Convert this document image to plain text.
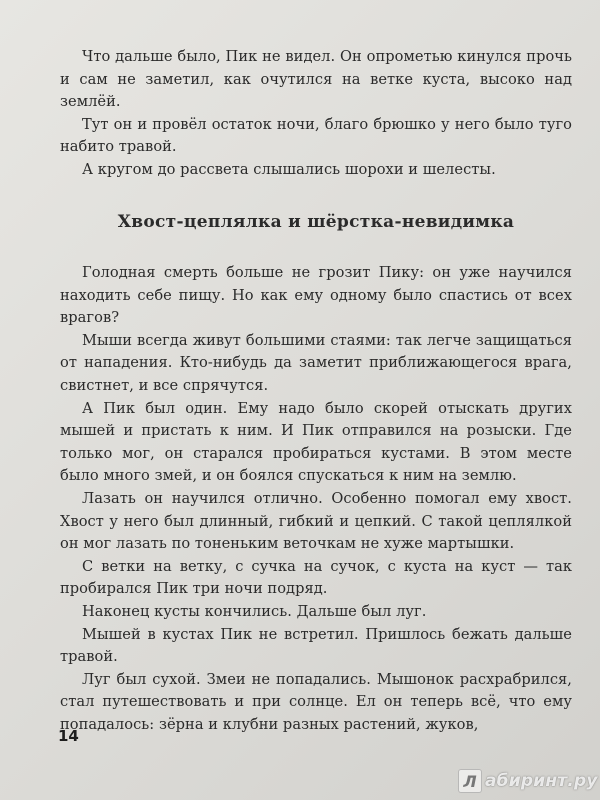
Что дальше было, Пик не видел. Он опрометью кинулся прочь и сам не заметил, как очутился на ветке куста, высоко над землёй.

Тут он и провёл остаток ночи, благо брюшко у него было туго набито травой.

А кругом до рассвета слышались шорохи и шелесты.

Хвост-цеплялка и шёрстка-невидимка

Голодная смерть больше не грозит Пику: он уже научился находить себе пищу. Но как ему одному было спастись от всех врагов?

Мыши всегда живут большими стаями: так легче защищаться от нападения. Кто-нибудь да заметит приближающегося врага, свистнет, и все спрячутся.

А Пик был один. Ему надо было скорей отыскать других мышей и пристать к ним. И Пик отправился на розыски. Где только мог, он старался пробираться кустами. В этом месте было много змей, и он боялся спускаться к ним на землю.

Лазать он научился отлично. Особенно помогал ему хвост. Хвост у него был длинный, гибкий и цепкий. С такой цеплялкой он мог лазать по тоненьким веточкам не хуже мартышки.

С ветки на ветку, с сучка на сучок, с куста на куст — так пробирался Пик три ночи подряд.

Наконец кусты кончились. Дальше был луг.

Мышей в кустах Пик не встретил. Пришлось бежать дальше травой.

Луг был сухой. Змеи не попадались. Мышонок расхрабрился, стал путешествовать и при солнце. Ел он теперь всё, что ему попадалось: зёрна и клубни разных растений, жуков,

14

Л абиринт.ру
